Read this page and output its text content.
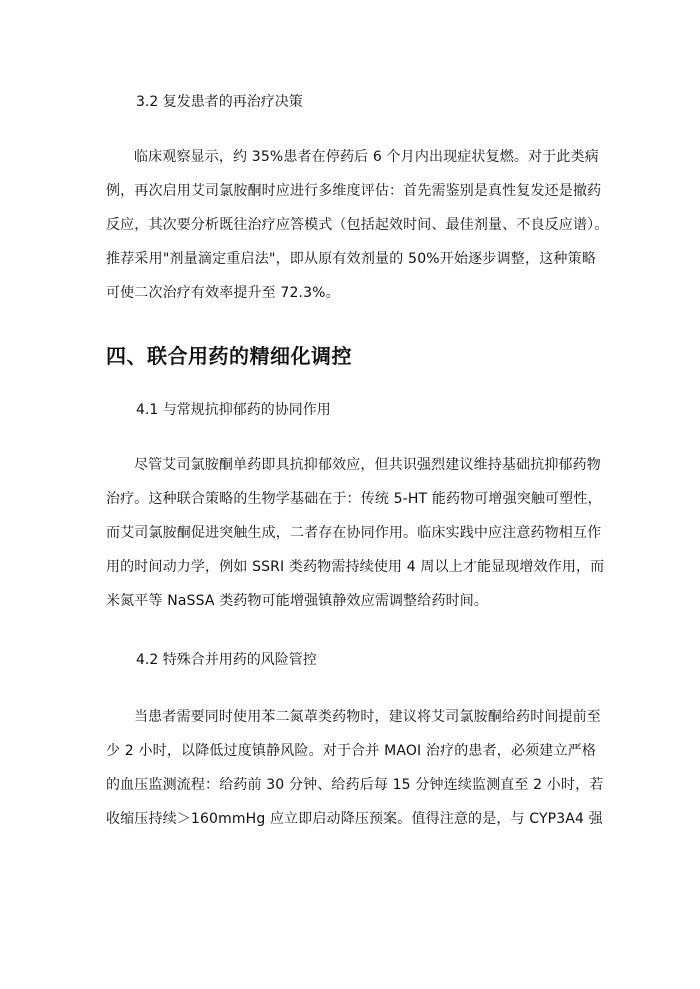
3.2 复发患者的再治疗决策
临床观察显示，约 35%患者在停药后 6 个月内出现症状复燃。对于此类病
例，再次启用艾司氯胺酮时应进行多维度评估：首先需鉴别是真性复发还是撤药
反应，其次要分析既往治疗应答模式（包括起效时间、最佳剂量、不良反应谱）。
推荐采用"剂量滴定重启法"，即从原有效剂量的 50%开始逐步调整，这种策略
可使二次治疗有效率提升至 72.3%。
四、联合用药的精细化调控
4.1 与常规抗抑郁药的协同作用
尽管艾司氯胺酮单药即具抗抑郁效应，但共识强烈建议维持基础抗抑郁药物
治疗。这种联合策略的生物学基础在于：传统 5-HT 能药物可增强突触可塑性，
而艾司氯胺酮促进突触生成，二者存在协同作用。临床实践中应注意药物相互作
用的时间动力学，例如 SSRI 类药物需持续使用 4 周以上才能显现增效作用，而
米氮平等 NaSSA 类药物可能增强镇静效应需调整给药时间。
4.2 特殊合并用药的风险管控
当患者需要同时使用苯二氮䓬类药物时，建议将艾司氯胺酮给药时间提前至
少 2 小时，以降低过度镇静风险。对于合并 MAOI 治疗的患者，必须建立严格
的血压监测流程：给药前 30 分钟、给药后每 15 分钟连续监测直至 2 小时，若
收缩压持续＞160mmHg 应立即启动降压预案。值得注意的是，与 CYP3A4 强
